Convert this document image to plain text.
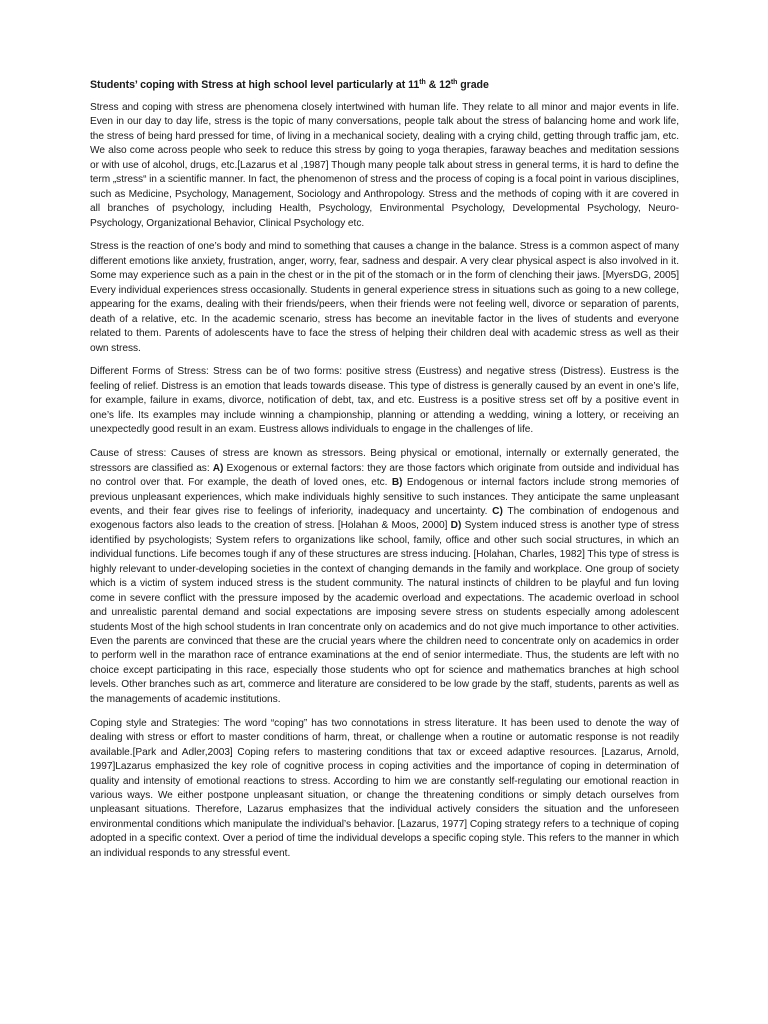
Students’ coping with Stress at high school level particularly at 11th & 12th grade

Stress and coping with stress are phenomena closely intertwined with human life. They relate to all minor and major events in life. Even in our day to day life, stress is the topic of many conversations, people talk about the stress of balancing home and work life, the stress of being hard pressed for time, of living in a mechanical society, dealing with a crying child, getting through traffic jam, etc. We also come across people who seek to reduce this stress by going to yoga therapies, faraway beaches and meditation sessions or with use of alcohol, drugs, etc.[Lazarus et al ,1987] Though many people talk about stress in general terms, it is hard to define the term „stress“ in a scientific manner. In fact, the phenomenon of stress and the process of coping is a focal point in various disciplines, such as Medicine, Psychology, Management, Sociology and Anthropology. Stress and the methods of coping with it are covered in all branches of psychology, including Health, Psychology, Environmental Psychology, Developmental Psychology, Neuro-Psychology, Organizational Behavior, Clinical Psychology etc.

Stress is the reaction of one’s body and mind to something that causes a change in the balance. Stress is a common aspect of many different emotions like anxiety, frustration, anger, worry, fear, sadness and despair. A very clear physical aspect is also involved in it. Some may experience such as a pain in the chest or in the pit of the stomach or in the form of clenching their jaws. [MyersDG, 2005] Every individual experiences stress occasionally. Students in general experience stress in situations such as going to a new college, appearing for the exams, dealing with their friends/peers, when their friends were not feeling well, divorce or separation of parents, death of a relative, etc. In the academic scenario, stress has become an inevitable factor in the lives of students and everyone related to them. Parents of adolescents have to face the stress of helping their children deal with academic stress as well as their own stress.

Different Forms of Stress: Stress can be of two forms: positive stress (Eustress) and negative stress (Distress). Eustress is the feeling of relief. Distress is an emotion that leads towards disease. This type of distress is generally caused by an event in one’s life, for example, failure in exams, divorce, notification of debt, tax, and etc. Eustress is a positive stress set off by a positive event in one’s life. Its examples may include winning a championship, planning or attending a wedding, wining a lottery, or receiving an unexpectedly good result in an exam. Eustress allows individuals to engage in the challenges of life.

Cause of stress: Causes of stress are known as stressors. Being physical or emotional, internally or externally generated, the stressors are classified as: A) Exogenous or external factors: they are those factors which originate from outside and individual has no control over that. For example, the death of loved ones, etc. B) Endogenous or internal factors include strong memories of previous unpleasant experiences, which make individuals highly sensitive to such instances. They anticipate the same unpleasant events, and their fear gives rise to feelings of inferiority, inadequacy and uncertainty. C) The combination of endogenous and exogenous factors also leads to the creation of stress. [Holahan & Moos, 2000] D) System induced stress is another type of stress identified by psychologists; System refers to organizations like school, family, office and other such social structures, in which an individual functions. Life becomes tough if any of these structures are stress inducing. [Holahan, Charles, 1982] This type of stress is highly relevant to under-developing societies in the context of changing demands in the family and workplace. One group of society which is a victim of system induced stress is the student community. The natural instincts of children to be playful and fun loving come in severe conflict with the pressure imposed by the academic overload and expectations. The academic overload in school and unrealistic parental demand and social expectations are imposing severe stress on students especially among adolescent students Most of the high school students in Iran concentrate only on academics and do not give much importance to other activities. Even the parents are convinced that these are the crucial years where the children need to concentrate only on academics in order to perform well in the marathon race of entrance examinations at the end of senior intermediate. Thus, the students are left with no choice except participating in this race, especially those students who opt for science and mathematics branches at high school levels. Other branches such as art, commerce and literature are considered to be low grade by the staff, students, parents as well as the managements of academic institutions.

Coping style and Strategies: The word “coping” has two connotations in stress literature. It has been used to denote the way of dealing with stress or effort to master conditions of harm, threat, or challenge when a routine or automatic response is not readily available.[Park and Adler,2003] Coping refers to mastering conditions that tax or exceed adaptive resources. [Lazarus, Arnold, 1997]Lazarus emphasized the key role of cognitive process in coping activities and the importance of coping in determination of quality and intensity of emotional reactions to stress. According to him we are constantly self-regulating our emotional reaction in various ways. We either postpone unpleasant situation, or change the threatening conditions or simply detach ourselves from unpleasant situations. Therefore, Lazarus emphasizes that the individual actively considers the situation and the unforeseen environmental conditions which manipulate the individual’s behavior. [Lazarus, 1977] Coping strategy refers to a technique of coping adopted in a specific context. Over a period of time the individual develops a specific coping style. This refers to the manner in which an individual responds to any stressful event.
